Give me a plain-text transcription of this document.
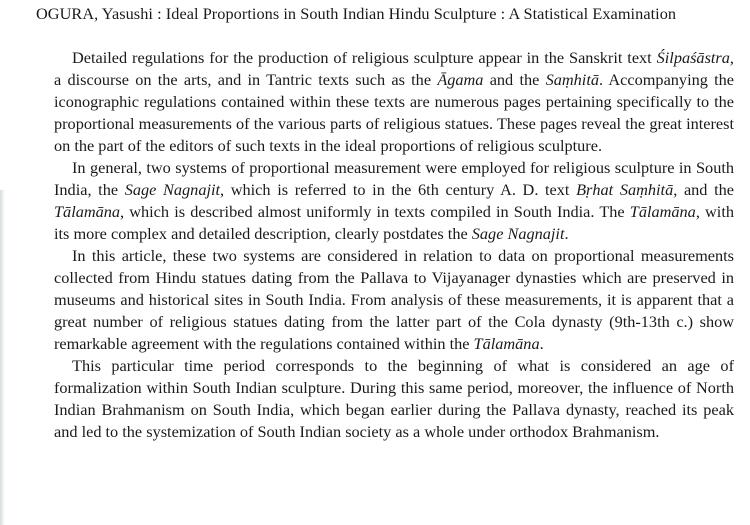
OGURA, Yasushi : Ideal Proportions in South Indian Hindu Sculpture : A Statistical Examination

Detailed regulations for the production of religious sculpture appear in the Sanskrit text Śilpaśāstra, a discourse on the arts, and in Tantric texts such as the Āgama and the Saṃhitā. Accompanying the iconographic regulations contained within these texts are numerous pages pertaining specifically to the proportional measurements of the various parts of religious statues. These pages reveal the great interest on the part of the editors of such texts in the ideal proportions of religious sculpture.

In general, two systems of proportional measurement were employed for religious sculpture in South India, the Sage Nagnajit, which is referred to in the 6th century A. D. text Bṛhat Saṃhitā, and the Tālamāna, which is described almost uniformly in texts compiled in South India. The Tālamāna, with its more complex and detailed description, clearly postdates the Sage Nagnajit.

In this article, these two systems are considered in relation to data on proportional measurements collected from Hindu statues dating from the Pallava to Vijayanager dynasties which are preserved in museums and historical sites in South India. From analysis of these measurements, it is apparent that a great number of religious statues dating from the latter part of the Cola dynasty (9th-13th c.) show remarkable agreement with the regulations contained within the Tālamāna.

This particular time period corresponds to the beginning of what is considered an age of formalization within South Indian sculpture. During this same period, moreover, the influence of North Indian Brahmanism on South India, which began earlier during the Pallava dynasty, reached its peak and led to the systemization of South Indian society as a whole under orthodox Brahmanism.
